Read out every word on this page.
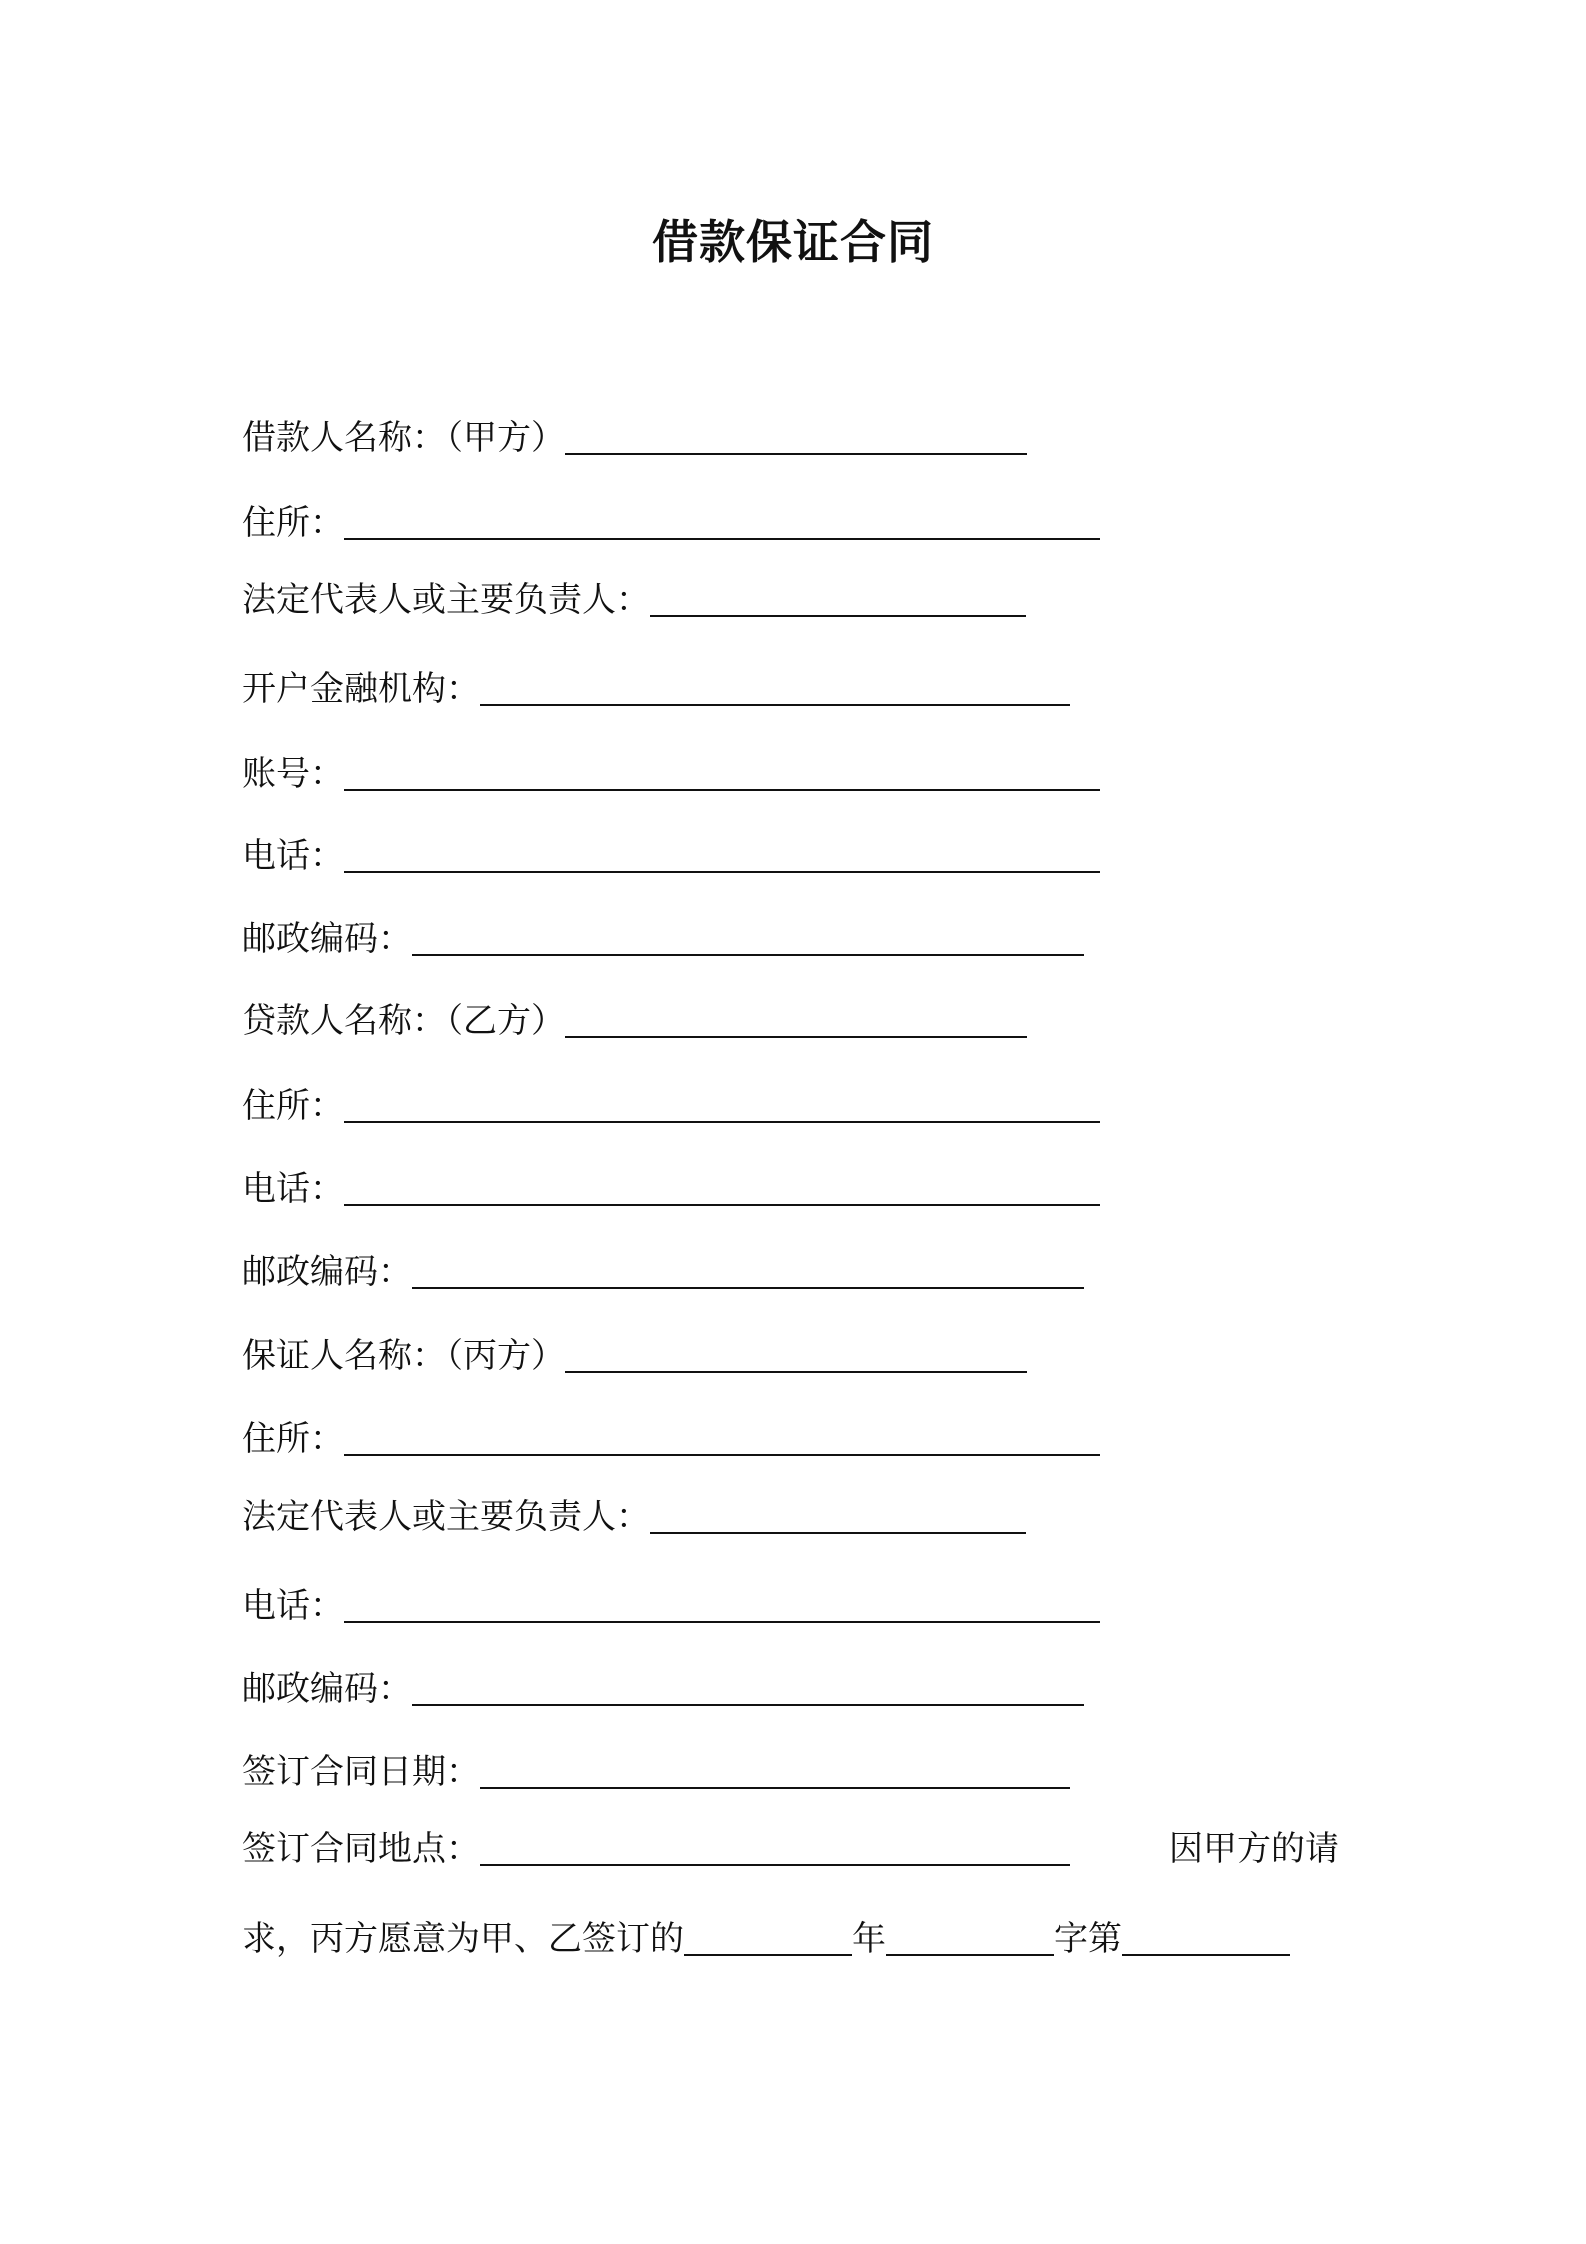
借款保证合同
借款人名称：（甲方）
住所：
法定代表人或主要负责人：
开户金融机构：
账号：
电话：
邮政编码：
贷款人名称：（乙方）
住所：
电话：
邮政编码：
保证人名称：（丙方）
住所：
法定代表人或主要负责人：
电话：
邮政编码：
签订合同日期：
签订合同地点：	因甲方的请
求，丙方愿意为甲、乙签订的	年	字第
